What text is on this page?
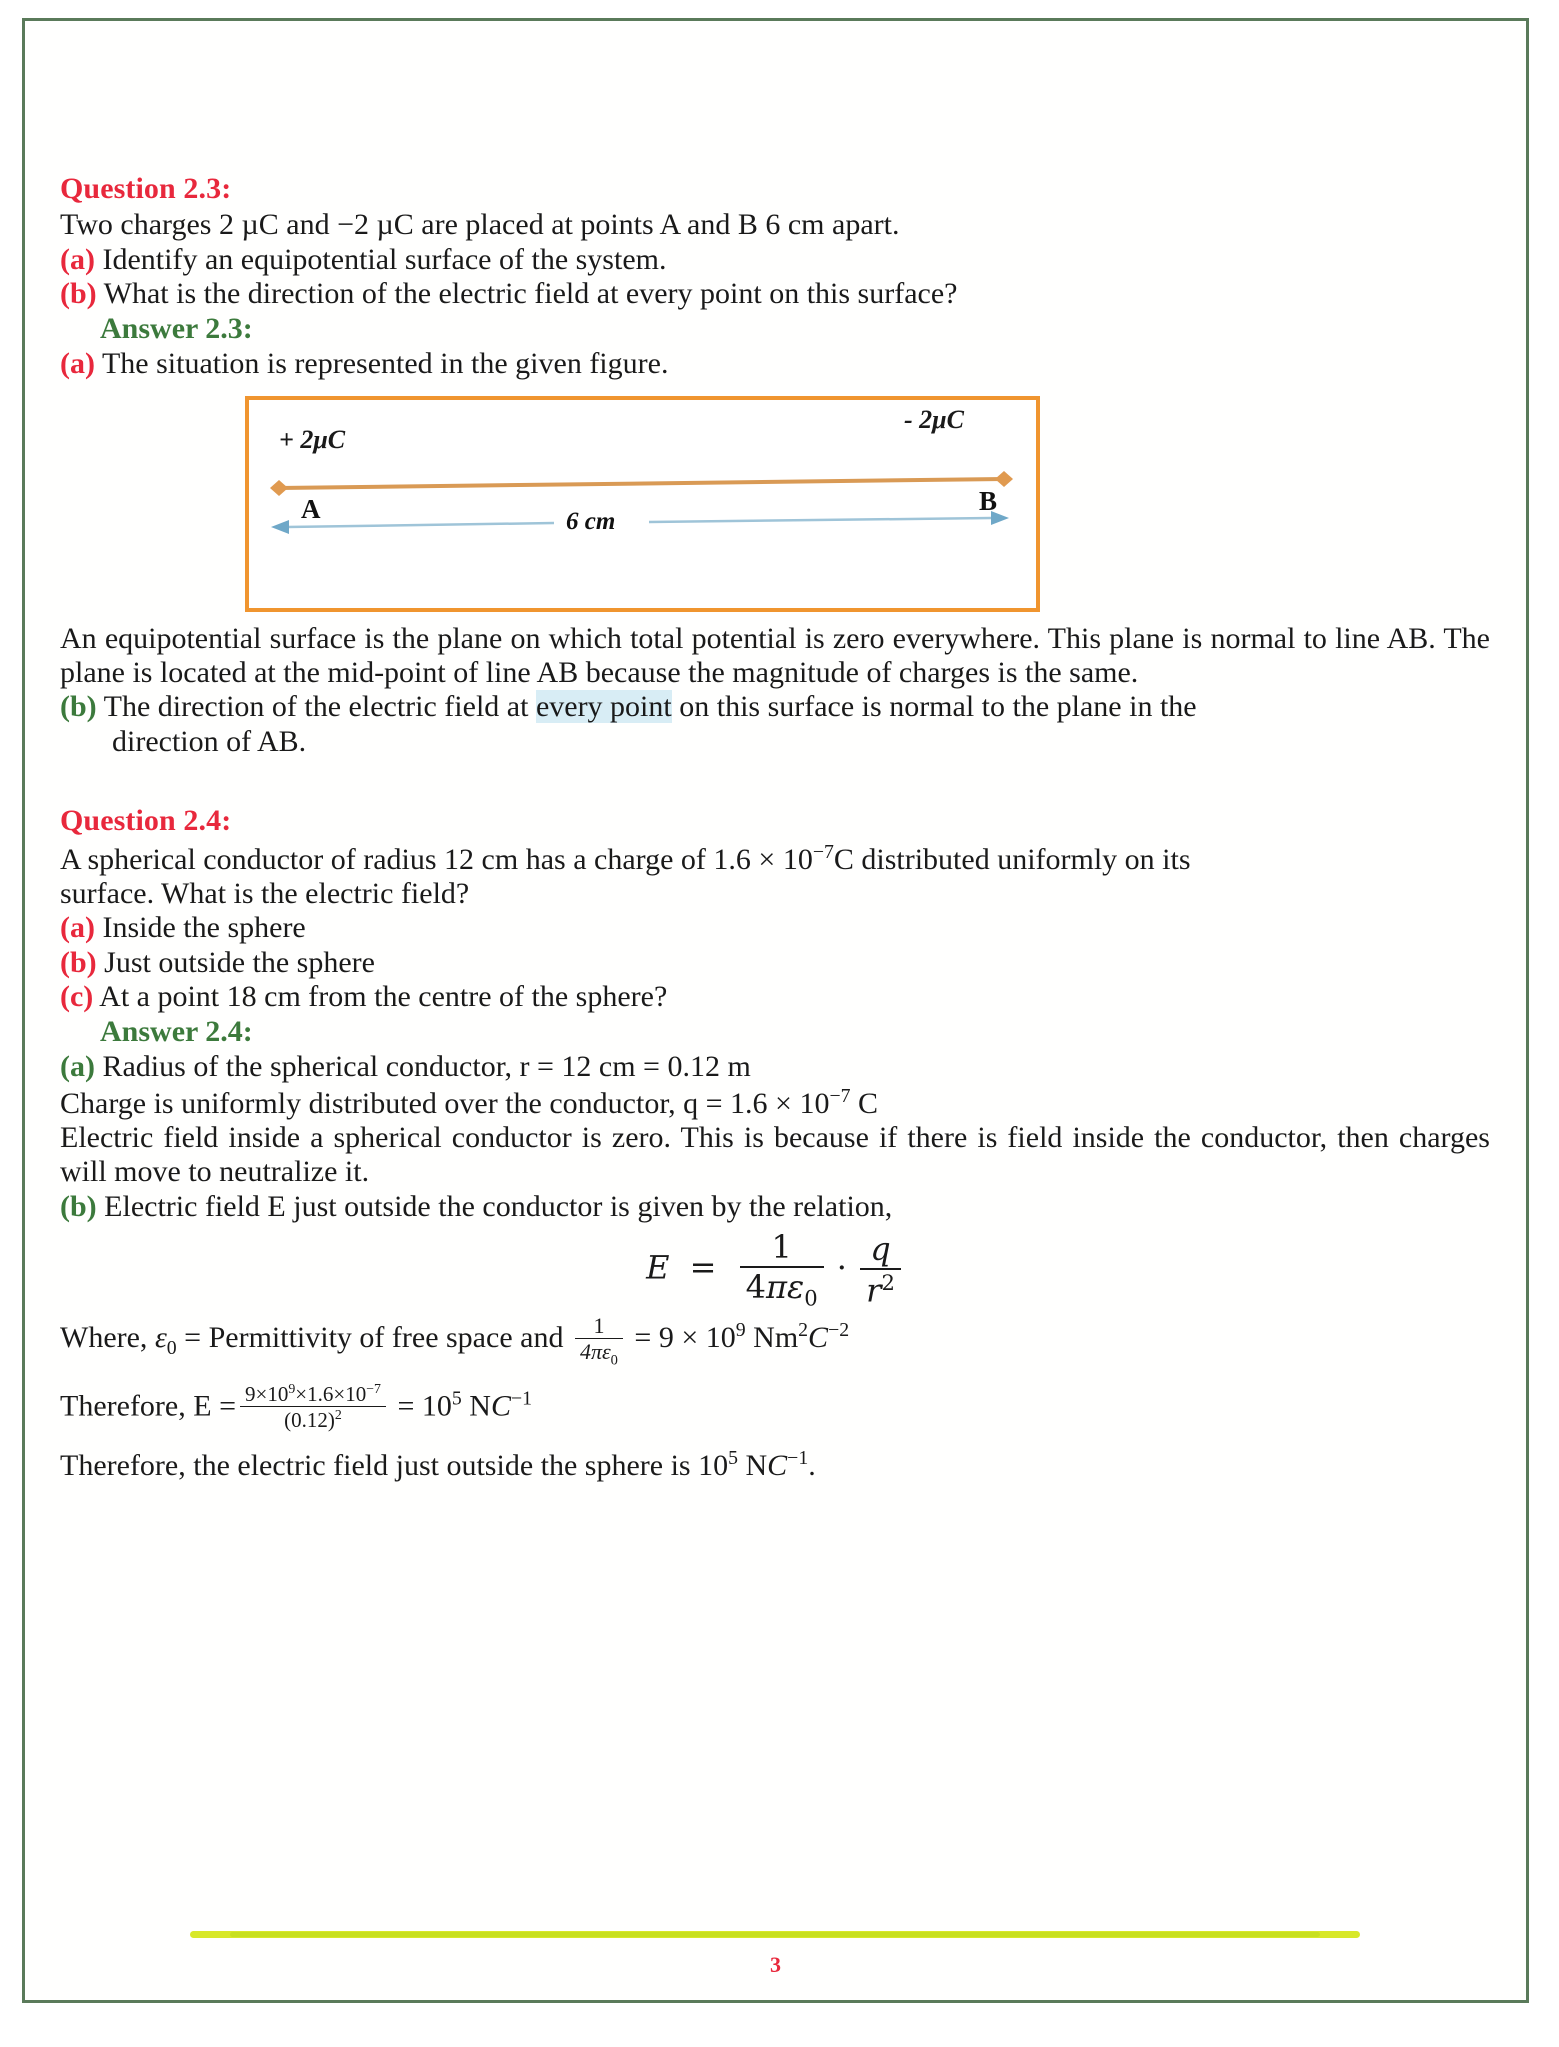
Question 2.3:
Two charges 2 µC and −2 µC are placed at points A and B 6 cm apart.
(a) Identify an equipotential surface of the system.
(b) What is the direction of the electric field at every point on this surface?
Answer 2.3:
(a) The situation is represented in the given figure.
+ 2μC
- 2μC
A	B
6 cm
An equipotential surface is the plane on which total potential is zero everywhere. This plane is normal to line AB. The plane is located at the mid-point of line AB because the magnitude of charges is the same.
(b) The direction of the electric field at every point on this surface is normal to the plane in the
direction of AB.
Question 2.4:
A spherical conductor of radius 12 cm has a charge of $1.6 \times 10^{-7}C$ distributed uniformly on its
surface. What is the electric field?
(a) Inside the sphere
(b) Just outside the sphere
(c) At a point 18 cm from the centre of the sphere?
Answer 2.4:
(a) Radius of the spherical conductor, r = 12 cm = 0.12 m
Charge is uniformly distributed over the conductor, $q = 1.6 \times 10^{-7}$ C
Electric field inside a spherical conductor is zero. This is because if there is field inside the conductor, then charges will move to neutralize it.
(b) Electric field E just outside the conductor is given by the relation,
$E = \frac{1}{4\pi\varepsilon_0} \cdot \frac{q}{r^2}$
Where, $\varepsilon_0$ = Permittivity of free space and $\frac{1}{4\pi\varepsilon_0} = 9 \times 10^9$ $Nm^2C^{-2}$
Therefore, $E = \frac{9\times 10^9\times 1.6\times 10^{-7}}{(0.12)^2} = 10^5$ $NC^{-1}$
Therefore, the electric field just outside the sphere is $10^5$ $NC^{-1}$.
3
